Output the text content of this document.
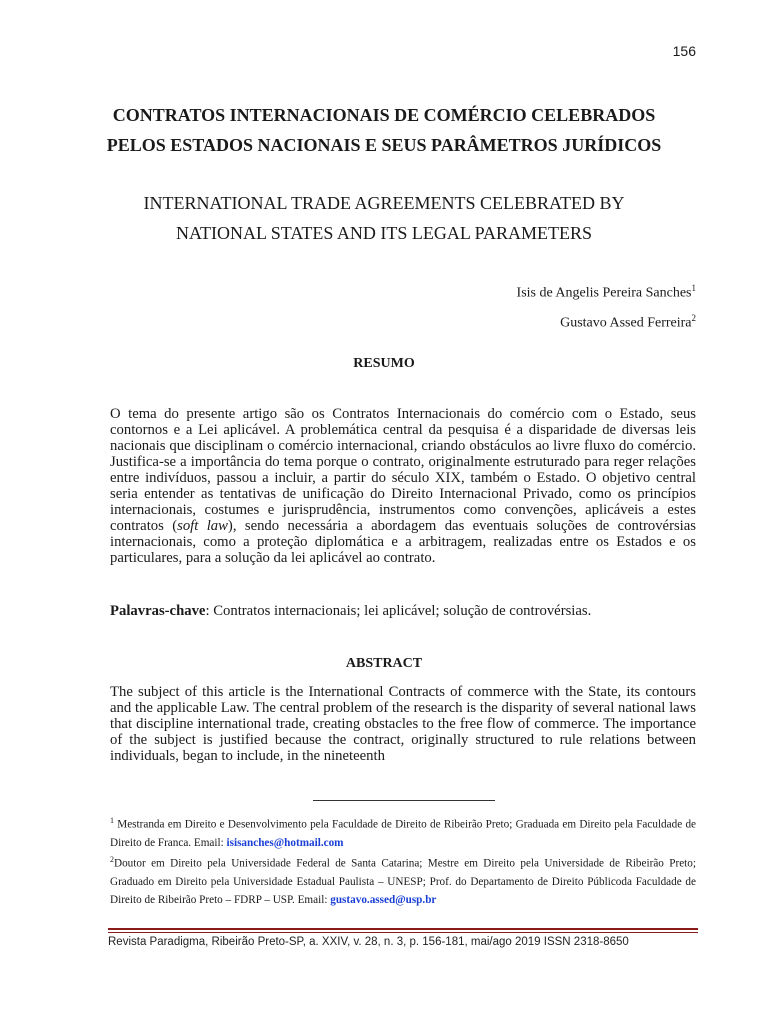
156
CONTRATOS INTERNACIONAIS DE COMÉRCIO CELEBRADOS
PELOS ESTADOS NACIONAIS E SEUS PARÂMETROS JURÍDICOS
INTERNATIONAL TRADE AGREEMENTS CELEBRATED BY
NATIONAL STATES AND ITS LEGAL PARAMETERS
Isis de Angelis Pereira Sanches$^1$
Gustavo Assed Ferreira$^2$
RESUMO

O tema do presente artigo são os Contratos Internacionais do comércio com o Estado, seus contornos e a Lei aplicável. A problemática central da pesquisa é a disparidade de diversas leis nacionais que disciplinam o comércio internacional, criando obstáculos ao livre fluxo do comércio. Justifica-se a importância do tema porque o contrato, originalmente estruturado para reger relações entre indivíduos, passou a incluir, a partir do século XIX, também o Estado. O objetivo central seria entender as tentativas de unificação do Direito Internacional Privado, como os princípios internacionais, costumes e jurisprudência, instrumentos como convenções, aplicáveis a estes contratos (soft law), sendo necessária a abordagem das eventuais soluções de controvérsias internacionais, como a proteção diplomática e a arbitragem, realizadas entre os Estados e os particulares, para a solução da lei aplicável ao contrato.

Palavras-chave: Contratos internacionais; lei aplicável; solução de controvérsias.

ABSTRACT

The subject of this article is the International Contracts of commerce with the State, its contours and the applicable Law. The central problem of the research is the disparity of several national laws that discipline international trade, creating obstacles to the free flow of commerce. The importance of the subject is justified because the contract, originally structured to rule relations between individuals, began to include, in the nineteenth

$^1$ Mestranda em Direito e Desenvolvimento pela Faculdade de Direito de Ribeirão Preto; Graduada em Direito pela Faculdade de Direito de Franca. Email: isisanches@hotmail.com

$^2$Doutor em Direito pela Universidade Federal de Santa Catarina; Mestre em Direito pela Universidade de Ribeirão Preto; Graduado em Direito pela Universidade Estadual Paulista – UNESP; Prof. do Departamento de Direito Públicoda Faculdade de Direito de Ribeirão Preto – FDRP – USP. Email: gustavo.assed@usp.br

Revista Paradigma, Ribeirão Preto-SP, a. XXIV, v. 28, n. 3, p. 156-181, mai/ago 2019 ISSN 2318-8650
